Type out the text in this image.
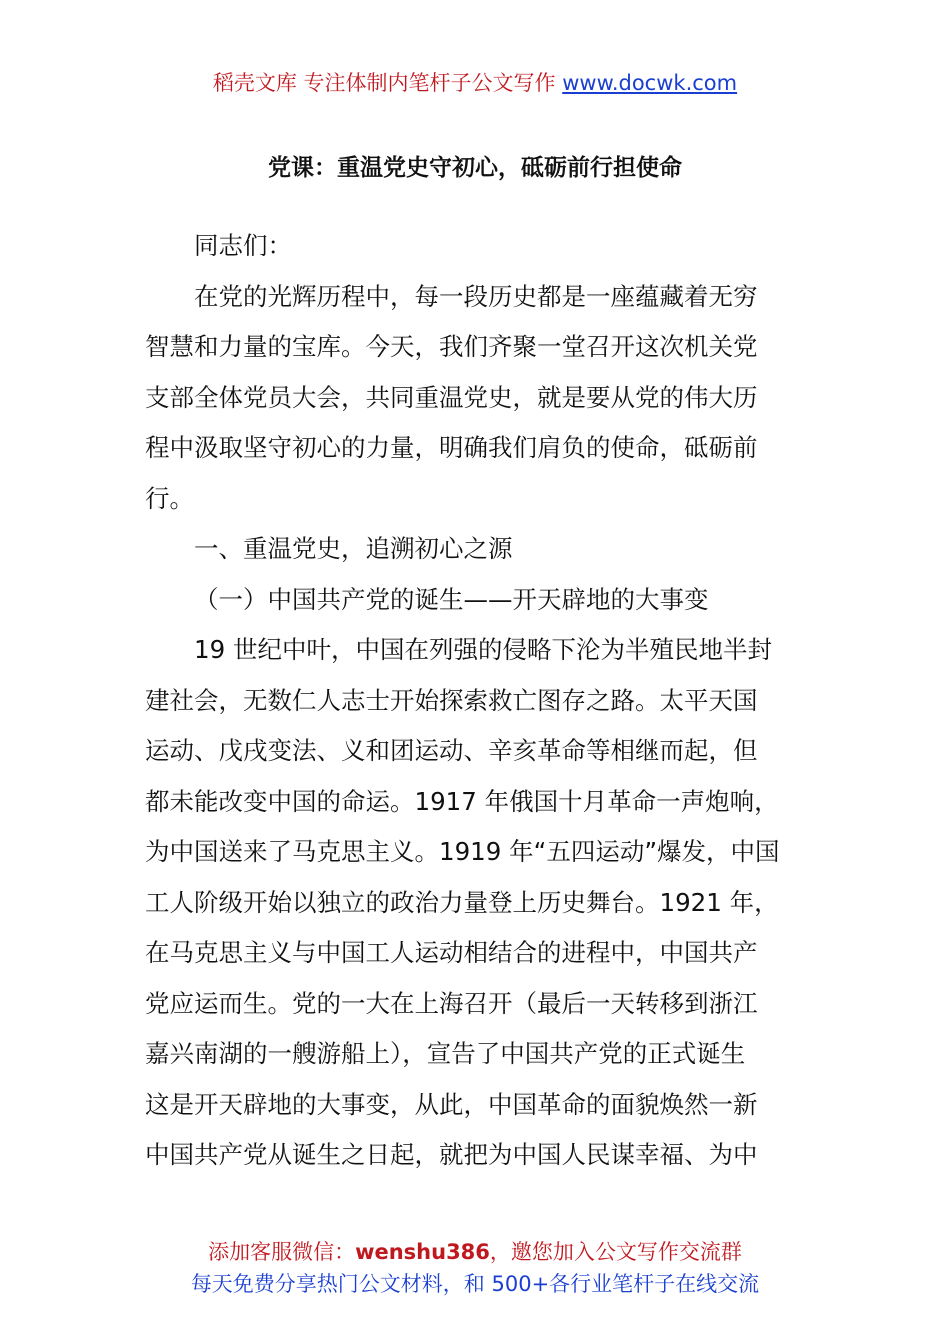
稻壳文库 专注体制内笔杆子公文写作 www.docwk.com
党课：重温党史守初心，砥砺前行担使命
同志们：
在党的光辉历程中，每一段历史都是一座蕴藏着无穷
智慧和力量的宝库。今天，我们齐聚一堂召开这次机关党
支部全体党员大会，共同重温党史，就是要从党的伟大历
程中汲取坚守初心的力量，明确我们肩负的使命，砥砺前
行。
一、重温党史，追溯初心之源
（一）中国共产党的诞生——开天辟地的大事变
19 世纪中叶，中国在列强的侵略下沦为半殖民地半封
建社会，无数仁人志士开始探索救亡图存之路。太平天国
运动、戊戌变法、义和团运动、辛亥革命等相继而起，但
都未能改变中国的命运。1917 年俄国十月革命一声炮响，
为中国送来了马克思主义。1919 年“五四运动”爆发，中国
工人阶级开始以独立的政治力量登上历史舞台。1921 年，
在马克思主义与中国工人运动相结合的进程中，中国共产
党应运而生。党的一大在上海召开（最后一天转移到浙江
嘉兴南湖的一艘游船上），宣告了中国共产党的正式诞生
这是开天辟地的大事变，从此，中国革命的面貌焕然一新
中国共产党从诞生之日起，就把为中国人民谋幸福、为中
添加客服微信：wenshu386，邀您加入公文写作交流群
每天免费分享热门公文材料，和 500+各行业笔杆子在线交流
